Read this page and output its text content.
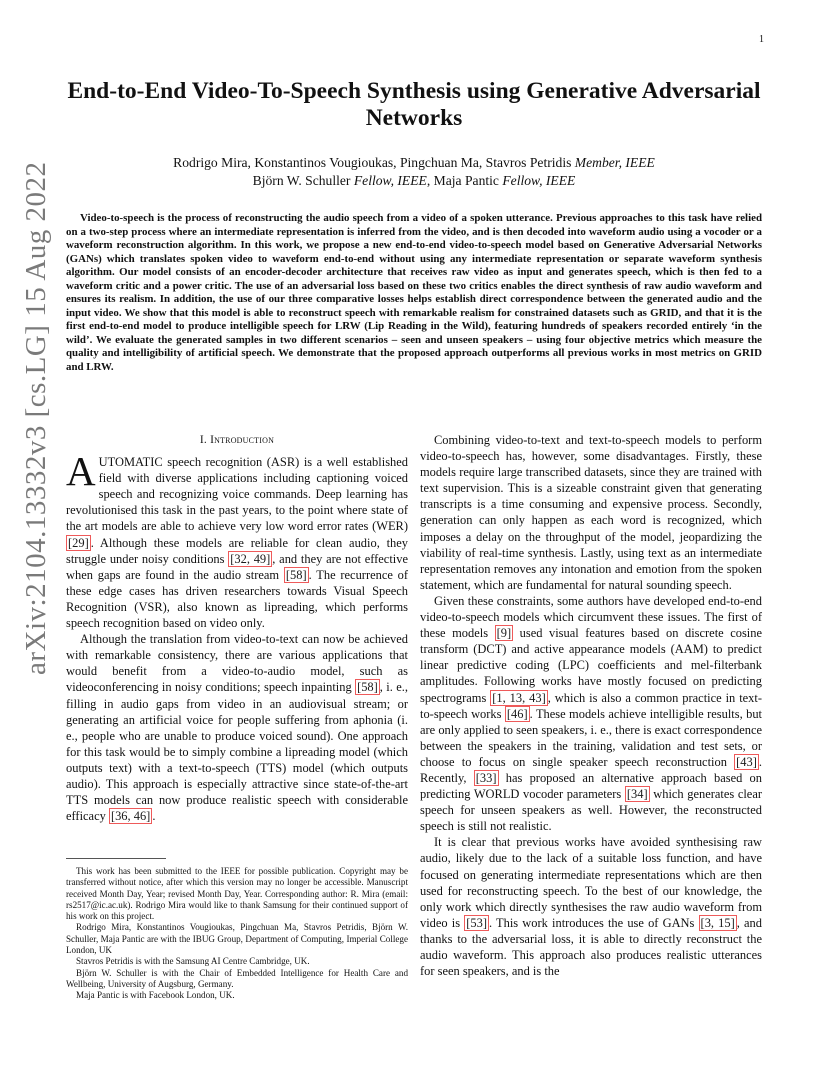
1
arXiv:2104.13332v3 [cs.LG] 15 Aug 2022
End-to-End Video-To-Speech Synthesis using Generative Adversarial Networks
Rodrigo Mira, Konstantinos Vougioukas, Pingchuan Ma, Stavros Petridis Member, IEEE
Björn W. Schuller Fellow, IEEE, Maja Pantic Fellow, IEEE

Video-to-speech is the process of reconstructing the audio speech from a video of a spoken utterance. Previous approaches to this task have relied on a two-step process where an intermediate representation is inferred from the video, and is then decoded into waveform audio using a vocoder or a waveform reconstruction algorithm. In this work, we propose a new end-to-end video-to-speech model based on Generative Adversarial Networks (GANs) which translates spoken video to waveform end-to-end without using any intermediate representation or separate waveform synthesis algorithm. Our model consists of an encoder-decoder architecture that receives raw video as input and generates speech, which is then fed to a waveform critic and a power critic. The use of an adversarial loss based on these two critics enables the direct synthesis of raw audio waveform and ensures its realism. In addition, the use of our three comparative losses helps establish direct correspondence between the generated audio and the input video. We show that this model is able to reconstruct speech with remarkable realism for constrained datasets such as GRID, and that it is the first end-to-end model to produce intelligible speech for LRW (Lip Reading in the Wild), featuring hundreds of speakers recorded entirely ‘in the wild’. We evaluate the generated samples in two different scenarios – seen and unseen speakers – using four objective metrics which measure the quality and intelligibility of artificial speech. We demonstrate that the proposed approach outperforms all previous works in most metrics on GRID and LRW.

I. Introduction

AUTOMATIC speech recognition (ASR) is a well established field with diverse applications including captioning voiced speech and recognizing voice commands. Deep learning has revolutionised this task in the past years, to the point where state of the art models are able to achieve very low word error rates (WER) [29] . Although these models are reliable for clean audio, they struggle under noisy conditions [32, 49] , and they are not effective when gaps are found in the audio stream [58] . The recurrence of these edge cases has driven researchers towards Visual Speech Recognition (VSR), also known as lipreading, which performs speech recognition based on video only.

Although the translation from video-to-text can now be achieved with remarkable consistency, there are various applications that would benefit from a video-to-audio model, such as videoconferencing in noisy conditions; speech inpainting [58] , i. e., filling in audio gaps from video in an audiovisual stream; or generating an artificial voice for people suffering from aphonia (i. e., people who are unable to produce voiced sound). One approach for this task would be to simply combine a lipreading model (which outputs text) with a text-to-speech (TTS) model (which outputs audio). This approach is especially attractive since state-of-the-art TTS models can now produce realistic speech with considerable efficacy [36, 46] .

This work has been submitted to the IEEE for possible publication. Copyright may be transferred without notice, after which this version may no longer be accessible. Manuscript received Month Day, Year; revised Month Day, Year. Corresponding author: R. Mira (email: rs2517@ic.ac.uk). Rodrigo Mira would like to thank Samsung for their continued support of his work on this project.

Rodrigo Mira, Konstantinos Vougioukas, Pingchuan Ma, Stavros Petridis, Björn W. Schuller, Maja Pantic are with the IBUG Group, Department of Computing, Imperial College London, UK

Stavros Petridis is with the Samsung AI Centre Cambridge, UK.

Björn W. Schuller is with the Chair of Embedded Intelligence for Health Care and Wellbeing, University of Augsburg, Germany.

Maja Pantic is with Facebook London, UK.

Combining video-to-text and text-to-speech models to perform video-to-speech has, however, some disadvantages. Firstly, these models require large transcribed datasets, since they are trained with text supervision. This is a sizeable constraint given that generating transcripts is a time consuming and expensive process. Secondly, generation can only happen as each word is recognized, which imposes a delay on the throughput of the model, jeopardizing the viability of real-time synthesis. Lastly, using text as an intermediate representation removes any intonation and emotion from the spoken statement, which are fundamental for natural sounding speech.

Given these constraints, some authors have developed end-to-end video-to-speech models which circumvent these issues. The first of these models [9] used visual features based on discrete cosine transform (DCT) and active appearance models (AAM) to predict linear predictive coding (LPC) coefficients and mel-filterbank amplitudes. Following works have mostly focused on predicting spectrograms [1, 13, 43] , which is also a common practice in text-to-speech works [46] . These models achieve intelligible results, but are only applied to seen speakers, i. e., there is exact correspondence between the speakers in the training, validation and test sets, or choose to focus on single speaker speech reconstruction [43] . Recently, [33] has proposed an alternative approach based on predicting WORLD vocoder parameters [34] which generates clear speech for unseen speakers as well. However, the reconstructed speech is still not realistic.

It is clear that previous works have avoided synthesising raw audio, likely due to the lack of a suitable loss function, and have focused on generating intermediate representations which are then used for reconstructing speech. To the best of our knowledge, the only work which directly synthesises the raw audio waveform from video is [53] . This work introduces the use of GANs [3, 15] , and thanks to the adversarial loss, it is able to directly reconstruct the audio waveform. This approach also produces realistic utterances for seen speakers, and is the
